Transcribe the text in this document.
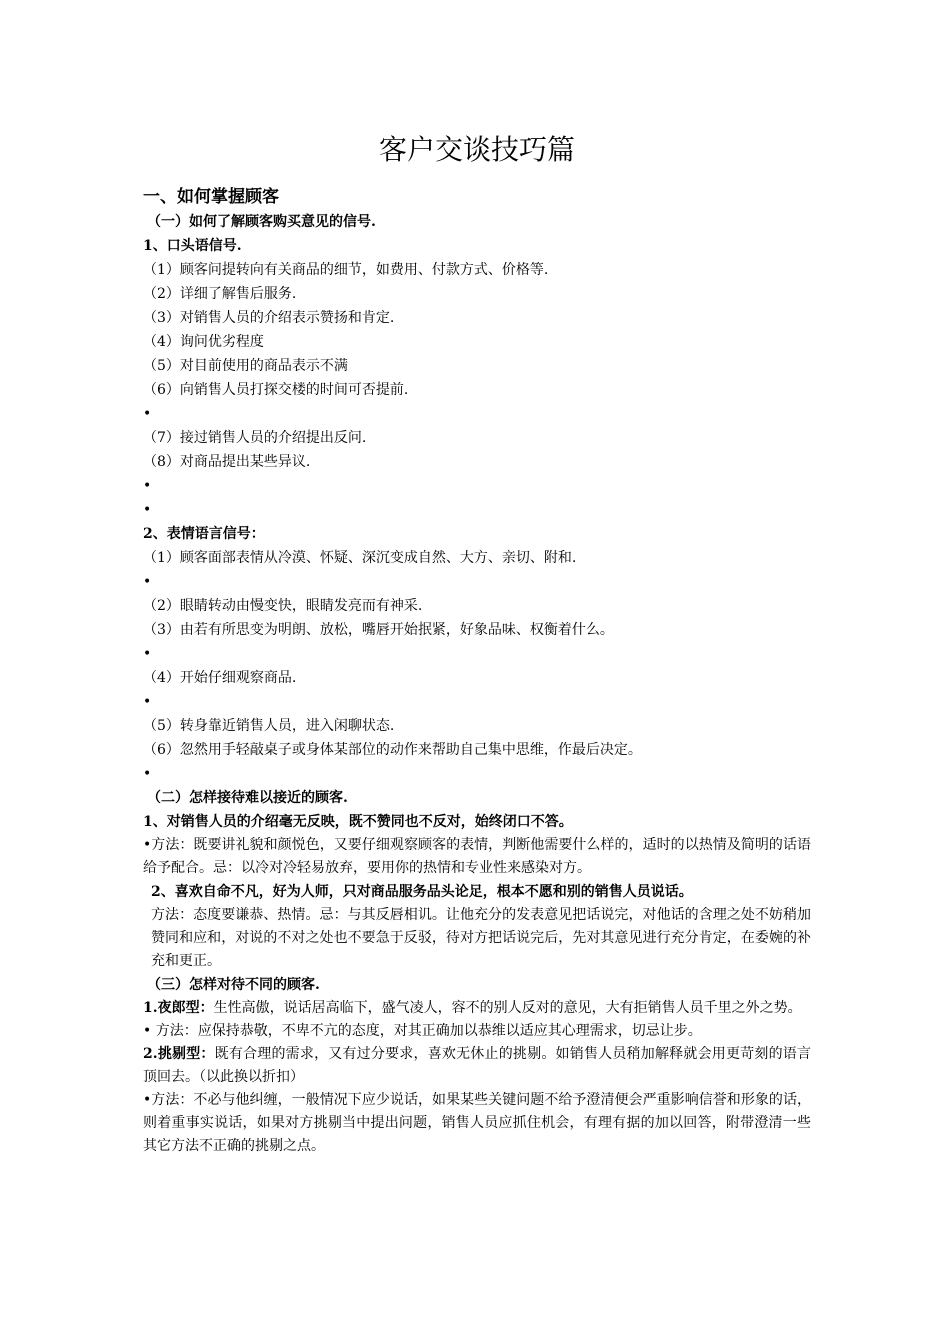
客户交谈技巧篇
一、如何掌握顾客
（一）如何了解顾客购买意见的信号.
1、口头语信号.
（1）顾客问提转向有关商品的细节，如费用、付款方式、价格等.
（2）详细了解售后服务.
（3）对销售人员的介绍表示赞扬和肯定.
（4）询问优劣程度
（5）对目前使用的商品表示不满
（6）向销售人员打探交楼的时间可否提前.
•
（7）接过销售人员的介绍提出反问.
（8）对商品提出某些异议.
•
•
2、表情语言信号：
（1）顾客面部表情从冷漠、怀疑、深沉变成自然、大方、亲切、附和.
•
（2）眼睛转动由慢变快，眼睛发亮而有神采.
（3）由若有所思变为明朗、放松，嘴唇开始抿紧，好象品味、权衡着什么。
•
（4）开始仔细观察商品.
•
（5）转身靠近销售人员，进入闲聊状态.
（6）忽然用手轻敲桌子或身体某部位的动作来帮助自己集中思维，作最后决定。
•
（二）怎样接待难以接近的顾客.
1、对销售人员的介绍毫无反映，既不赞同也不反对，始终闭口不答。
•方法：既要讲礼貌和颜悦色，又要仔细观察顾客的表情，判断他需要什么样的，适时的以热情及简明的话语给予配合。忌：以冷对冷轻易放弃，要用你的热情和专业性来感染对方。
2、喜欢自命不凡，好为人师，只对商品服务品头论足，根本不愿和别的销售人员说话。
方法：态度要谦恭、热情。忌：与其反唇相讥。让他充分的发表意见把话说完，对他话的含理之处不妨稍加赞同和应和，对说的不对之处也不要急于反驳，待对方把话说完后，先对其意见进行充分肯定，在委婉的补充和更正。
（三）怎样对待不同的顾客.
1.夜郎型：生性高傲，说话居高临下，盛气凌人，容不的别人反对的意见，大有拒销售人员千里之外之势。
• 方法：应保持恭敬，不卑不亢的态度，对其正确加以恭维以适应其心理需求，切忌让步。
2.挑剔型：既有合理的需求，又有过分要求，喜欢无休止的挑剔。如销售人员稍加解释就会用更苛刻的语言顶回去。（以此换以折扣）
•方法：不必与他纠缠，一般情况下应少说话，如果某些关键问题不给予澄清便会严重影响信誉和形象的话，则着重事实说话，如果对方挑剔当中提出问题，销售人员应抓住机会，有理有据的加以回答，附带澄清一些其它方法不正确的挑剔之点。
